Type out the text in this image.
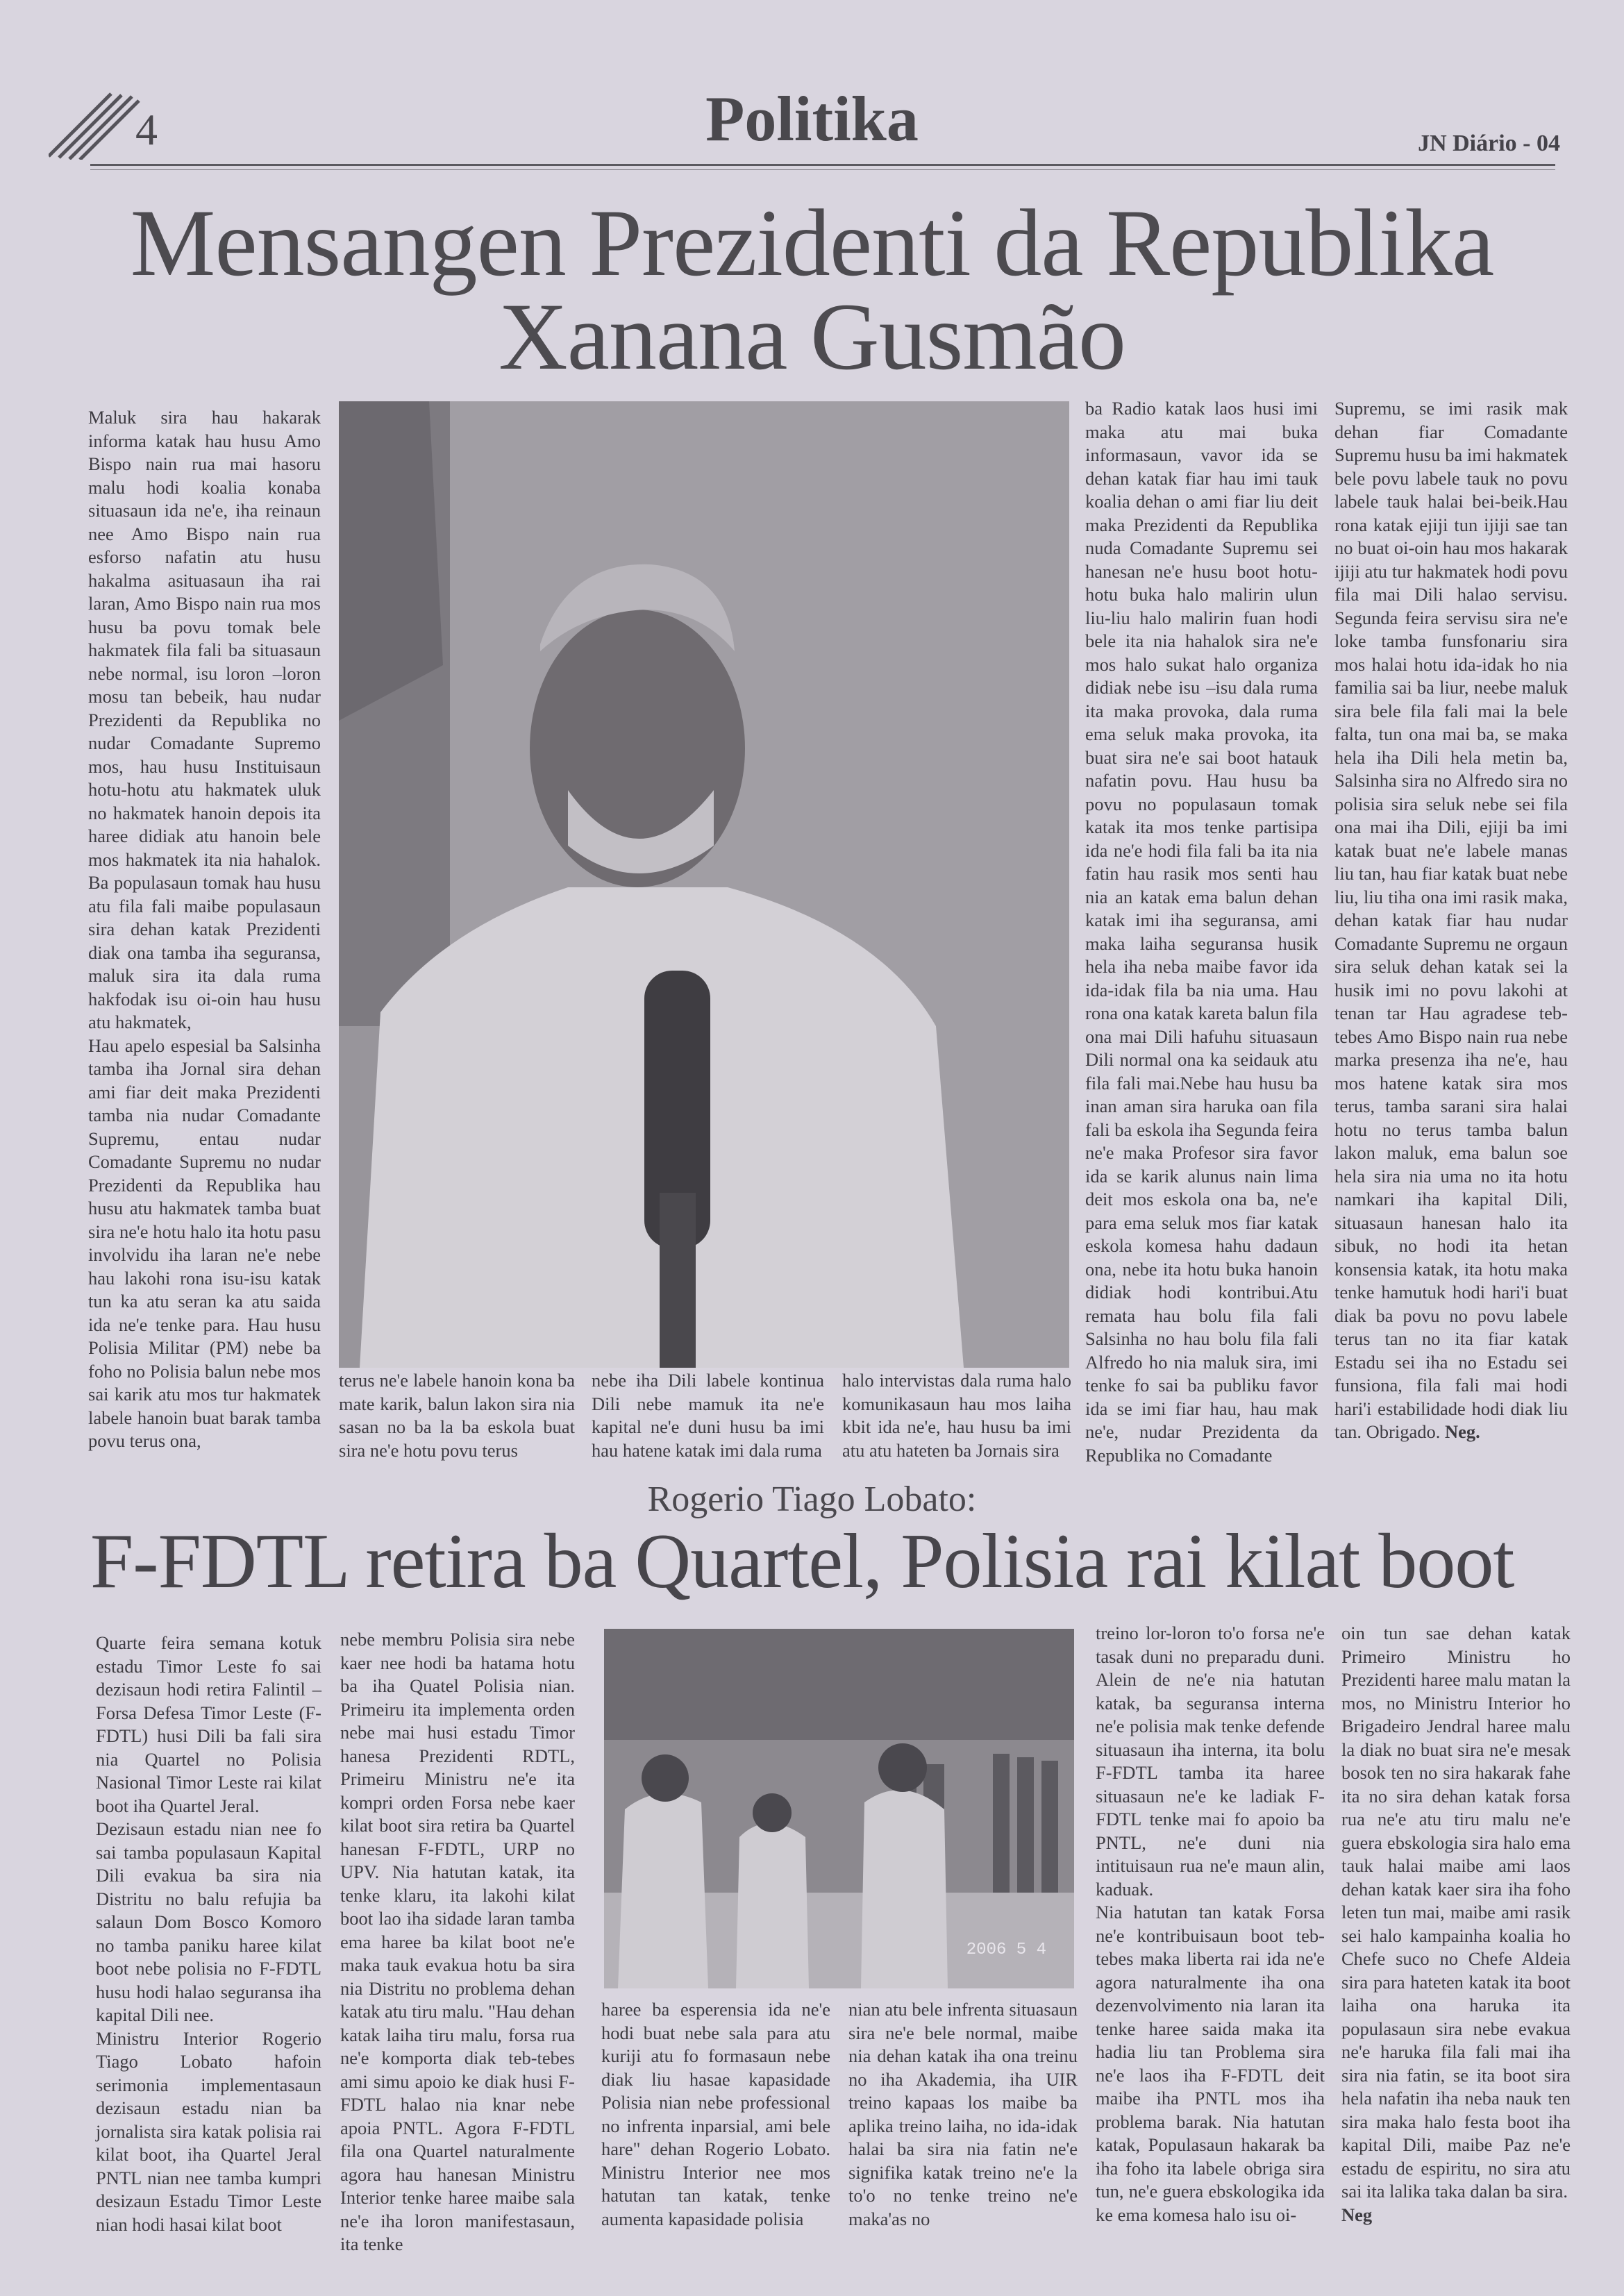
4	Politika	JN Diário - 04
Mensangen Prezidenti da Republika
Xanana Gusmão

Maluk sira hau hakarak informa katak hau husu Amo Bispo nain rua mai hasoru malu hodi koalia konaba situasaun ida ne'e, iha reinaun nee Amo Bispo nain rua esforso nafatin atu husu hakalma asituasaun iha rai laran, Amo Bispo nain rua mos husu ba povu tomak bele hakmatek fila fali ba situasaun nebe normal, isu loron –loron mosu tan bebeik, hau nudar Prezidenti da Republika no nudar Comadante Supremo mos, hau husu Instituisaun hotu-hotu atu hakmatek uluk no hakmatek hanoin depois ita haree didiak atu hanoin bele mos hakmatek ita nia hahalok. Ba populasaun tomak hau husu atu fila fali maibe populasaun sira dehan katak Prezidenti diak ona tamba iha seguransa, maluk sira ita dala ruma hakfodak isu oi-oin hau husu atu hakmatek,

Hau apelo espesial ba Salsinha tamba iha Jornal sira dehan ami fiar deit maka Prezidenti tamba nia nudar Comadante Supremu, entau nudar Comadante Supremu no nudar Prezidenti da Republika hau husu atu hakmatek tamba buat sira ne'e hotu halo ita hotu pasu involvidu iha laran ne'e nebe hau lakohi rona isu-isu katak tun ka atu seran ka atu saida ida ne'e tenke para. Hau husu Polisia Militar (PM) nebe ba foho no Polisia balun nebe mos sai karik atu mos tur hakmatek labele hanoin buat barak tamba povu terus ona,

terus ne'e labele hanoin kona ba mate karik, balun lakon sira nia sasan no ba la ba eskola buat sira ne'e hotu povu terus
nebe iha Dili labele kontinua Dili nebe mamuk ita ne'e kapital ne'e duni husu ba imi hau hatene katak imi dala ruma
halo intervistas dala ruma halo komunikasaun hau mos laiha kbit ida ne'e, hau husu ba imi atu atu hateten ba Jornais sira
ba Radio katak laos husi imi maka atu mai buka informasaun, vavor ida se dehan katak fiar hau imi tauk koalia dehan o ami fiar liu deit maka Prezidenti da Republika nuda Comadante Supremu sei hanesan ne'e husu boot hotu-hotu buka halo malirin ulun liu-liu halo malirin fuan hodi bele ita nia hahalok sira ne'e mos halo sukat halo organiza didiak nebe isu –isu dala ruma ita maka provoka, dala ruma ema seluk maka provoka, ita buat sira ne'e sai boot hatauk nafatin povu. Hau husu ba povu no populasaun tomak katak ita mos tenke partisipa ida ne'e hodi fila fali ba ita nia fatin hau rasik mos senti hau nia an katak ema balun dehan katak imi iha seguransa, ami maka laiha seguransa husik hela iha neba maibe favor ida ida-idak fila ba nia uma. Hau rona ona katak kareta balun fila ona mai Dili hafuhu situasaun Dili normal ona ka seidauk atu fila fali mai.Nebe hau husu ba inan aman sira haruka oan fila fali ba eskola iha Segunda feira ne'e maka Profesor sira favor ida se karik alunus nain lima deit mos eskola ona ba, ne'e para ema seluk mos fiar katak eskola komesa hahu dadaun ona, nebe ita hotu buka hanoin didiak hodi kontribui.Atu remata hau bolu fila fali Salsinha no hau bolu fila fali Alfredo ho nia maluk sira, imi tenke fo sai ba publiku favor ida se imi fiar hau, hau mak ne'e, nudar Prezidenta da Republika no Comadante
Supremu, se imi rasik mak dehan fiar Comadante Supremu husu ba imi hakmatek bele povu labele tauk no povu labele tauk halai bei-beik.Hau rona katak ejiji tun ijiji sae tan no buat oi-oin hau mos hakarak ijiji atu tur hakmatek hodi povu fila mai Dili halao servisu. Segunda feira servisu sira ne'e loke tamba funsfonariu sira mos halai hotu ida-idak ho nia familia sai ba liur, neebe maluk sira bele fila fali mai la bele falta, tun ona mai ba, se maka hela iha Dili hela metin ba, Salsinha sira no Alfredo sira no polisia sira seluk nebe sei fila ona mai iha Dili, ejiji ba imi katak buat ne'e labele manas liu tan, hau fiar katak buat nebe liu, liu tiha ona imi rasik maka, dehan katak fiar hau nudar Comadante Supremu ne orgaun sira seluk dehan katak sei la husik imi no povu lakohi at tenan tar Hau agradese teb-tebes Amo Bispo nain rua nebe marka presenza iha ne'e, hau mos hatene katak sira mos terus, tamba sarani sira halai hotu no terus tamba balun lakon maluk, ema balun soe hela sira nia uma no ita hotu namkari iha kapital Dili, situasaun hanesan halo ita sibuk, no hodi ita hetan konsensia katak, ita hotu maka tenke hamutuk hodi hari'i buat diak ba povu no povu labele terus tan no ita fiar katak Estadu sei iha no Estadu sei funsiona, fila fali mai hodi hari'i estabilidade hodi diak liu tan. Obrigado. Neg.
Rogerio Tiago Lobato:
F-FDTL retira ba Quartel, Polisia rai kilat boot

Quarte feira semana kotuk estadu Timor Leste fo sai dezisaun hodi retira Falintil – Forsa Defesa Timor Leste (F-FDTL) husi Dili ba fali sira nia Quartel no Polisia Nasional Timor Leste rai kilat boot iha Quartel Jeral.

Dezisaun estadu nian nee fo sai tamba populasaun Kapital Dili evakua ba sira nia Distritu no balu refujia ba salaun Dom Bosco Komoro no tamba paniku haree kilat boot nebe polisia no F-FDTL husu hodi halao seguransa iha kapital Dili nee.

Ministru Interior Rogerio Tiago Lobato hafoin serimonia implementasaun dezisaun estadu nian ba jornalista sira katak polisia rai kilat boot, iha Quartel Jeral PNTL nian nee tamba kumpri desizaun Estadu Timor Leste nian hodi hasai kilat boot

nebe membru Polisia sira nebe kaer nee hodi ba hatama hotu ba iha Quatel Polisia nian. Primeiru ita implementa orden nebe mai husi estadu Timor hanesa Prezidenti RDTL, Primeiru Ministru ne'e ita kompri orden Forsa nebe kaer kilat boot sira retira ba Quartel hanesan F-FDTL, URP no UPV. Nia hatutan katak, ita tenke klaru, ita lakohi kilat boot lao iha sidade laran tamba ema haree ba kilat boot ne'e maka tauk evakua hotu ba sira nia Distritu no problema dehan katak atu tiru malu. "Hau dehan katak laiha tiru malu, forsa rua ne'e komporta diak teb-tebes ami simu apoio ke diak husi F-FDTL halao nia knar nebe apoia PNTL. Agora F-FDTL fila ona Quartel naturalmente agora hau hanesan Ministru Interior tenke haree maibe sala ne'e iha loron manifestasaun, ita tenke
2006 5 4
haree ba esperensia ida ne'e hodi buat nebe sala para atu kuriji atu fo formasaun nebe diak liu hasae kapasidade Polisia nian nebe professional no infrenta inparsial, ami bele hare" dehan Rogerio Lobato. Ministru Interior nee mos hatutan tan katak, tenke aumenta kapasidade polisia
nian atu bele infrenta situasaun sira ne'e bele normal, maibe nia dehan katak iha ona treinu no iha Akademia, iha UIR treino kapaas los maibe ba aplika treino laiha, no ida-idak halai ba sira nia fatin ne'e signifika katak treino ne'e la to'o no tenke treino ne'e maka'as no

treino lor-loron to'o forsa ne'e tasak duni no preparadu duni. Alein de ne'e nia hatutan katak, ba seguransa interna ne'e polisia mak tenke defende situasaun iha interna, ita bolu F-FDTL tamba ita haree situasaun ne'e ke ladiak F-FDTL tenke mai fo apoio ba PNTL, ne'e duni nia intituisaun rua ne'e maun alin, kaduak.

Nia hatutan tan katak Forsa ne'e kontribuisaun boot teb-tebes maka liberta rai ida ne'e agora naturalmente iha ona dezenvolvimento nia laran ita tenke haree saida maka ita hadia liu tan Problema sira ne'e laos iha F-FDTL deit maibe iha PNTL mos iha problema barak. Nia hatutan katak, Populasaun hakarak ba iha foho ita labele obriga sira tun, ne'e guera ebskologika ida ke ema komesa halo isu oi-

oin tun sae dehan katak Primeiro Ministru ho Prezidenti haree malu matan la mos, no Ministru Interior ho Brigadeiro Jendral haree malu la diak no buat sira ne'e mesak bosok ten no sira hakarak fahe ita no sira dehan katak forsa rua ne'e atu tiru malu ne'e guera ebskologia sira halo ema tauk halai maibe ami laos dehan katak kaer sira iha foho leten tun mai, maibe ami rasik sei halo kampainha koalia ho Chefe suco no Chefe Aldeia sira para hateten katak ita boot laiha ona haruka ita populasaun sira nebe evakua ne'e haruka fila fali mai iha sira nia fatin, se ita boot sira hela nafatin iha neba nauk ten sira maka halo festa boot iha kapital Dili, maibe Paz ne'e estadu de espiritu, no sira atu sai ita lalika taka dalan ba sira.
Neg
